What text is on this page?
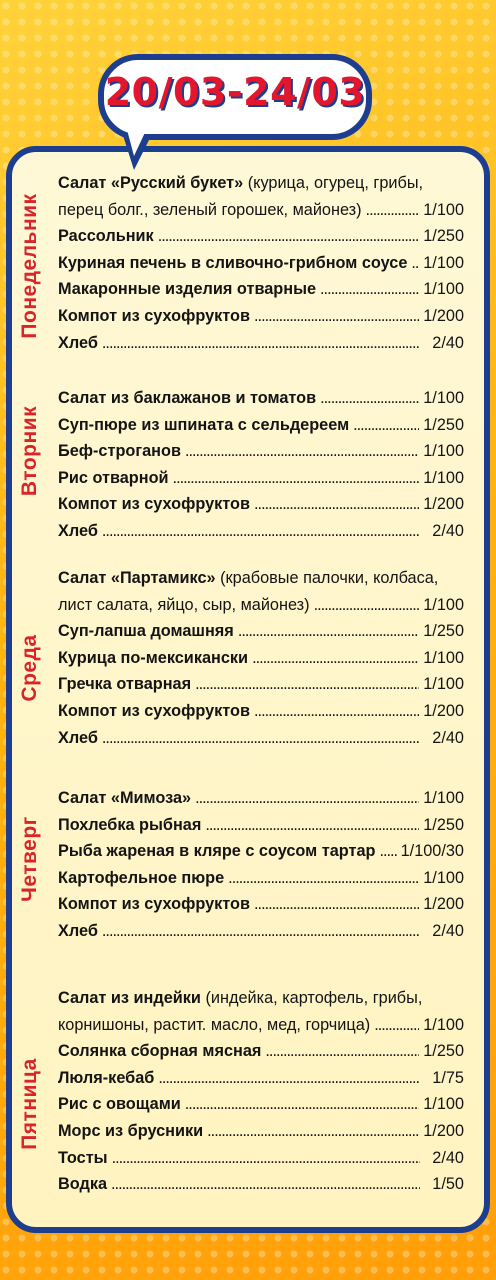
20/03-24/03
Понедельник
Салат «Русский букет» (курица, огурец, грибы,
перец болг., зеленый горошек, майонез) .....	1/100
Рассольник .....	1/250
Куриная печень в сливочно-грибном соусе ..... 1/100
Макаронные изделия отварные .....	1/100
Компот из сухофруктов .....	1/200
Хлеб .....	2/40
Вторник
Салат из баклажанов и томатов .....	1/100
Суп-пюре из шпината с сельдереем .....	1/250
Беф-строганов .....	1/100
Рис отварной .....	1/100
Компот из сухофруктов .....	1/200
Хлеб .....	2/40
Среда
Салат «Партамикс» (крабовые палочки, колбаса,
лист салата, яйцо, сыр, майонез) .....	1/100
Суп-лапша домашняя .....	1/250
Курица по-мексикански .....	1/100
Гречка отварная .....	1/100
Компот из сухофруктов .....	1/200
Хлеб .....	2/40
Четверг
Салат «Мимоза» .....	1/100
Похлебка рыбная .....	1/250
Рыба жареная в кляре с соусом тартар ..... 1/100/30
Картофельное пюре .....	1/100
Компот из сухофруктов .....	1/200
Хлеб .....	2/40
Пятница
Салат из индейки (индейка, картофель, грибы,
корнишоны, растит. масло, мед, горчица) .....	1/100
Солянка сборная мясная .....	1/250
Люля-кебаб .....	1/75
Рис с овощами .....	1/100
Морс из брусники .....	1/200
Тосты .....	2/40
Водка .....	1/50
